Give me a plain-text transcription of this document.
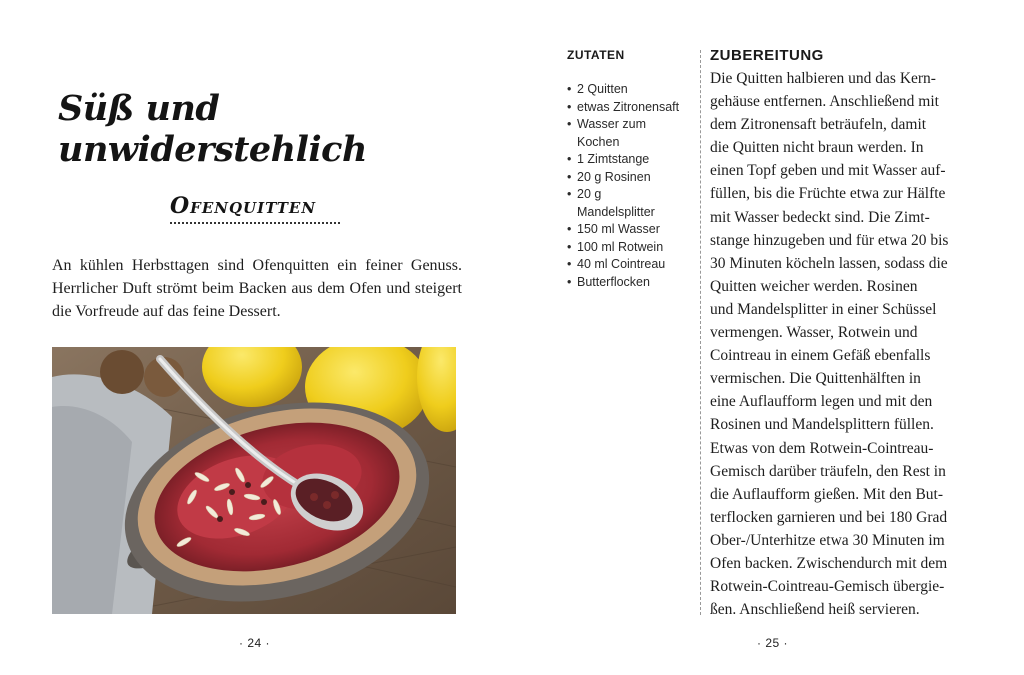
Süß und unwiderstehlich
Ofenquitten

An kühlen Herbsttagen sind Ofenquitten ein feiner Genuss. Herrlicher Duft strömt beim Backen aus dem Ofen und steigert die Vorfreude auf das feine Dessert.

· 24 ·
ZUTATEN
• 2 Quitten
• etwas Zitronensaft
• Wasser zum Kochen
• 1 Zimtstange
• 20 g Rosinen
• 20 g Mandelsplitter
• 150 ml Wasser
• 100 ml Rotwein
• 40 ml Cointreau
• Butterflocken
ZUBEREITUNG
Die Quitten halbieren und das Kern-
gehäuse entfernen. Anschließend mit
dem Zitronensaft beträufeln, damit
die Quitten nicht braun werden. In
einen Topf geben und mit Wasser auf-
füllen, bis die Früchte etwa zur Hälfte
mit Wasser bedeckt sind. Die Zimt-
stange hinzugeben und für etwa 20 bis
30 Minuten köcheln lassen, sodass die
Quitten weicher werden. Rosinen
und Mandelsplitter in einer Schüssel
vermengen. Wasser, Rotwein und
Cointreau in einem Gefäß ebenfalls
vermischen. Die Quittenhälften in
eine Auflaufform legen und mit den
Rosinen und Mandelsplittern füllen.
Etwas von dem Rotwein-Cointreau-
Gemisch darüber träufeln, den Rest in
die Auflaufform gießen. Mit den But-
terflocken garnieren und bei 180 Grad
Ober-/Unterhitze etwa 30 Minuten im
Ofen backen. Zwischendurch mit dem
Rotwein-Cointreau-Gemisch übergie-
ßen. Anschließend heiß servieren.
· 25 ·
